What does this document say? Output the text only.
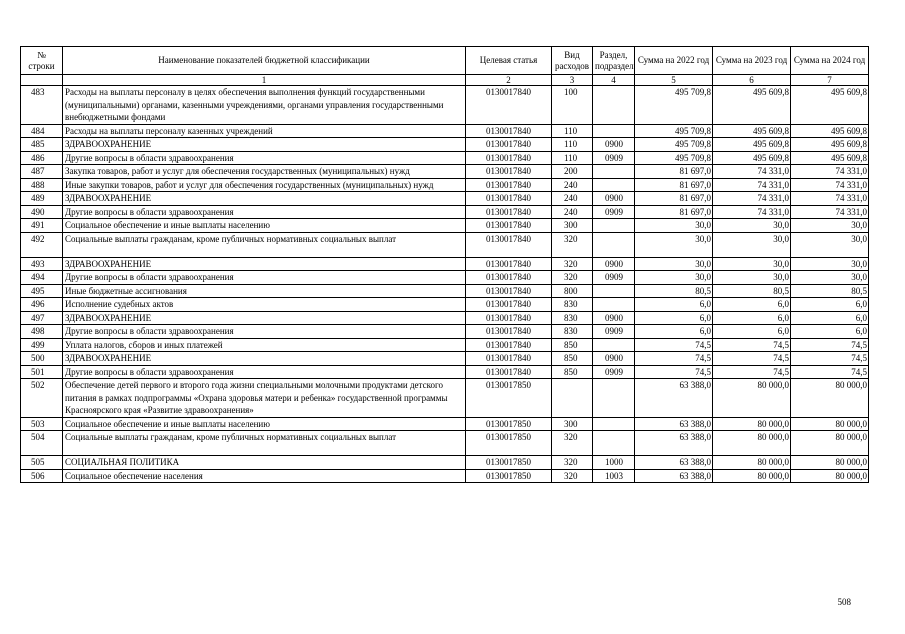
№ строки	Наименование показателей бюджетной классификации	Целевая статья	Вид расходов	Раздел, подраздел	Сумма на 2022 год	Сумма на 2023 год	Сумма на 2024 год
	1	2	3	4	5	6	7
483	Расходы на выплаты персоналу в целях обеспечения выполнения функций государственными (муниципальными) органами, казенными учреждениями, органами управления государственными внебюджетными фондами	0130017840	100		495 709,8	495 609,8	495 609,8
484	Расходы на выплаты персоналу казенных учреждений	0130017840	110		495 709,8	495 609,8	495 609,8
485	ЗДРАВООХРАНЕНИЕ	0130017840	110	0900	495 709,8	495 609,8	495 609,8
486	Другие вопросы в области здравоохранения	0130017840	110	0909	495 709,8	495 609,8	495 609,8
487	Закупка товаров, работ и услуг для обеспечения государственных (муниципальных) нужд	0130017840	200		81 697,0	74 331,0	74 331,0
488	Иные закупки товаров, работ и услуг для обеспечения государственных (муниципальных) нужд	0130017840	240		81 697,0	74 331,0	74 331,0
489	ЗДРАВООХРАНЕНИЕ	0130017840	240	0900	81 697,0	74 331,0	74 331,0
490	Другие вопросы в области здравоохранения	0130017840	240	0909	81 697,0	74 331,0	74 331,0
491	Социальное обеспечение и иные выплаты населению	0130017840	300		30,0	30,0	30,0
492	Социальные выплаты гражданам, кроме публичных нормативных социальных выплат	0130017840	320		30,0	30,0	30,0
493	ЗДРАВООХРАНЕНИЕ	0130017840	320	0900	30,0	30,0	30,0
494	Другие вопросы в области здравоохранения	0130017840	320	0909	30,0	30,0	30,0
495	Иные бюджетные ассигнования	0130017840	800		80,5	80,5	80,5
496	Исполнение судебных актов	0130017840	830		6,0	6,0	6,0
497	ЗДРАВООХРАНЕНИЕ	0130017840	830	0900	6,0	6,0	6,0
498	Другие вопросы в области здравоохранения	0130017840	830	0909	6,0	6,0	6,0
499	Уплата налогов, сборов и иных платежей	0130017840	850		74,5	74,5	74,5
500	ЗДРАВООХРАНЕНИЕ	0130017840	850	0900	74,5	74,5	74,5
501	Другие вопросы в области здравоохранения	0130017840	850	0909	74,5	74,5	74,5
502	Обеспечение детей первого и второго года жизни специальными молочными продуктами детского питания в рамках подпрограммы «Охрана здоровья матери и ребенка» государственной программы Красноярского края «Развитие здравоохранения»	0130017850			63 388,0	80 000,0	80 000,0
503	Социальное обеспечение и иные выплаты населению	0130017850	300		63 388,0	80 000,0	80 000,0
504	Социальные выплаты гражданам, кроме публичных нормативных социальных выплат	0130017850	320		63 388,0	80 000,0	80 000,0
505	СОЦИАЛЬНАЯ ПОЛИТИКА	0130017850	320	1000	63 388,0	80 000,0	80 000,0
506	Социальное обеспечение населения	0130017850	320	1003	63 388,0	80 000,0	80 000,0
508
